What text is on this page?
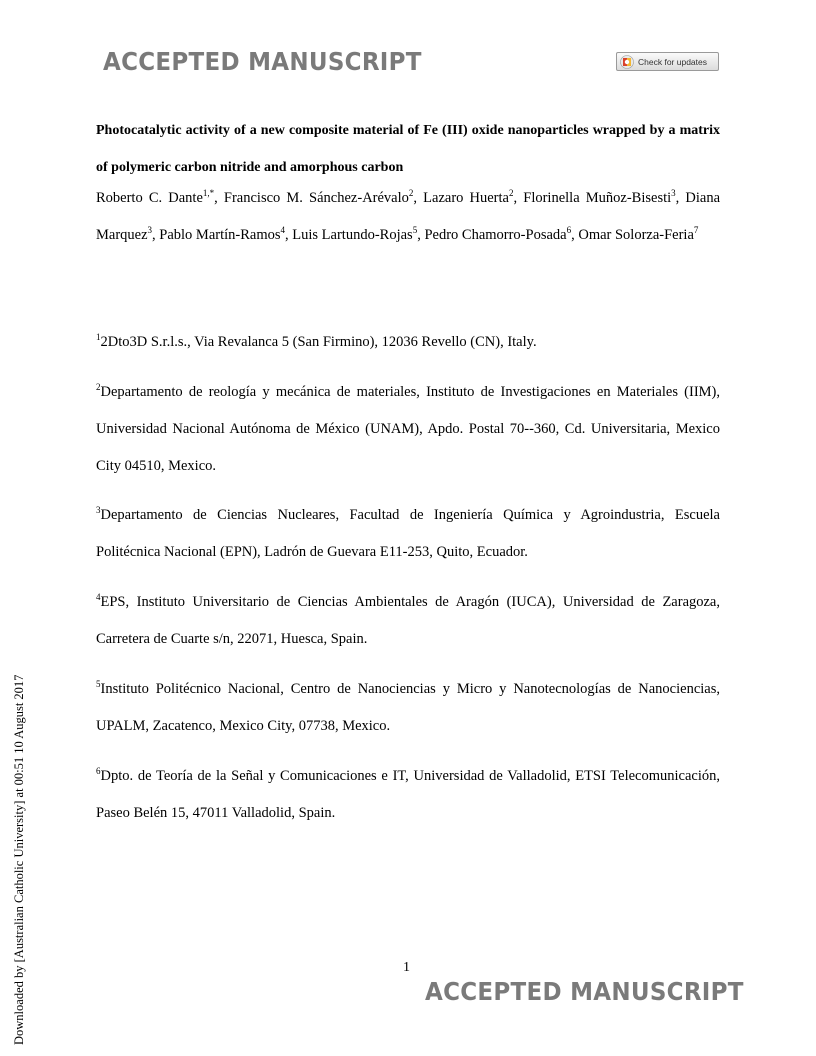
ACCEPTED MANUSCRIPT	Check for updates
Downloaded by [Australian Catholic University] at 00:51 10 August 2017
Photocatalytic activity of a new composite material of Fe (III) oxide nanoparticles wrapped by a matrix of polymeric carbon nitride and amorphous carbon
Roberto C. Dante$^{1,*}$, Francisco M. Sánchez-Arévalo$^2$, Lazaro Huerta$^2$, Florinella Muñoz-Bisesti$^3$, Diana Marquez$^3$, Pablo Martín-Ramos$^4$, Luis Lartundo-Rojas$^5$, Pedro Chamorro-Posada$^6$, Omar Solorza-Feria$^7$
$^1$2Dto3D S.r.l.s., Via Revalanca 5 (San Firmino), 12036 Revello (CN), Italy.
$^2$Departamento de reología y mecánica de materiales, Instituto de Investigaciones en Materiales (IIM), Universidad Nacional Autónoma de México (UNAM), Apdo. Postal 70--360, Cd. Universitaria, Mexico City 04510, Mexico.
$^3$Departamento de Ciencias Nucleares, Facultad de Ingeniería Química y Agroindustria, Escuela Politécnica Nacional (EPN), Ladrón de Guevara E11-253, Quito, Ecuador.
$^4$EPS, Instituto Universitario de Ciencias Ambientales de Aragón (IUCA), Universidad de Zaragoza, Carretera de Cuarte s/n, 22071, Huesca, Spain.
$^5$Instituto Politécnico Nacional, Centro de Nanociencias y Micro y Nanotecnologías de Nanociencias, UPALM, Zacatenco, Mexico City, 07738, Mexico.
$^6$Dpto. de Teoría de la Señal y Comunicaciones e IT, Universidad de Valladolid, ETSI Telecomunicación, Paseo Belén 15, 47011 Valladolid, Spain.
1
ACCEPTED MANUSCRIPT
